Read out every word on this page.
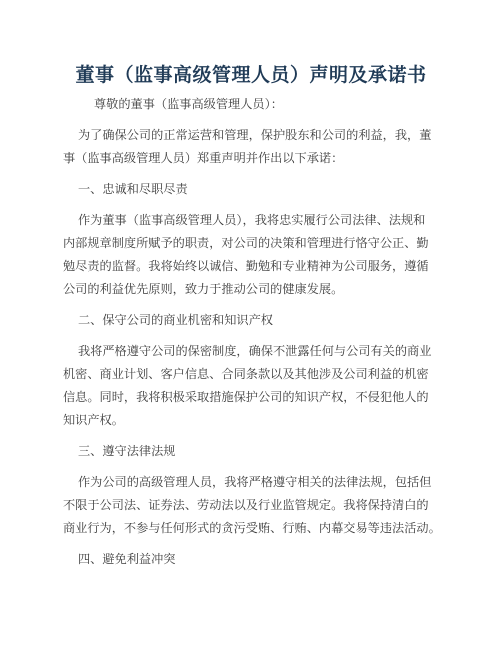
董事（监事高级管理人员）声明及承诺书
尊敬的董事（监事高级管理人员）：
为了确保公司的正常运营和管理，保护股东和公司的利益，我，董
事（监事高级管理人员）郑重声明并作出以下承诺：
一、忠诚和尽职尽责
作为董事（监事高级管理人员），我将忠实履行公司法律、法规和
内部规章制度所赋予的职责，对公司的决策和管理进行恪守公正、勤
勉尽责的监督。我将始终以诚信、勤勉和专业精神为公司服务，遵循
公司的利益优先原则，致力于推动公司的健康发展。
二、保守公司的商业机密和知识产权
我将严格遵守公司的保密制度，确保不泄露任何与公司有关的商业
机密、商业计划、客户信息、合同条款以及其他涉及公司利益的机密
信息。同时，我将积极采取措施保护公司的知识产权，不侵犯他人的
知识产权。
三、遵守法律法规
作为公司的高级管理人员，我将严格遵守相关的法律法规，包括但
不限于公司法、证券法、劳动法以及行业监管规定。我将保持清白的
商业行为，不参与任何形式的贪污受贿、行贿、内幕交易等违法活动。
四、避免利益冲突
